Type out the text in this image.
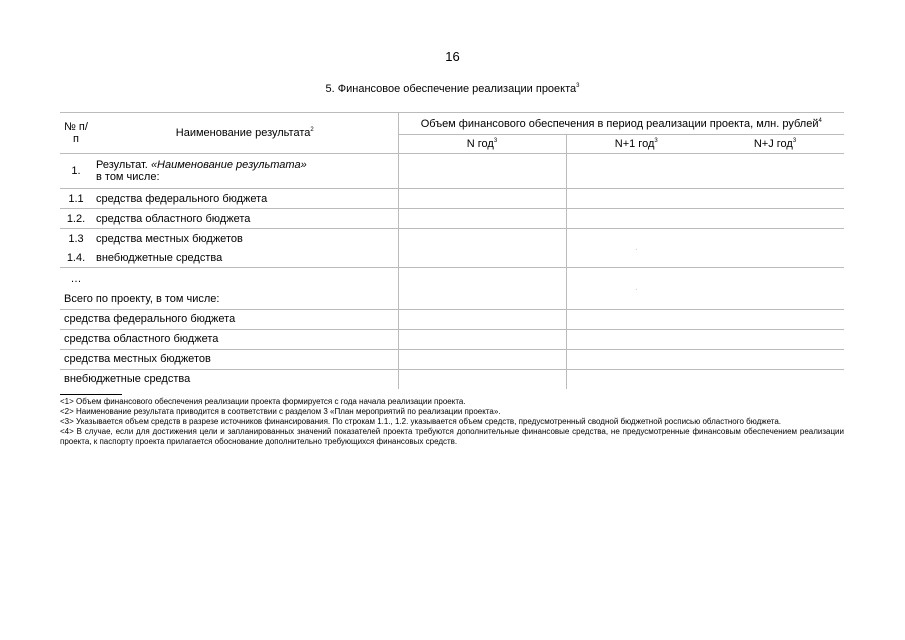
16
5. Финансовое обеспечение реализации проекта$^3$
№ п/п	Наименование результата$^2$	Объем финансового обеспечения в период реализации проекта, млн. рублей$^4$
		N год$^3$	N+1 год$^3$	N+J год$^3$
1.	Результат. «Наименование результата»
в том числе:			
1.1	средства федерального бюджета			
1.2.	средства областного бюджета			
1.3	средства местных бюджетов		·	
1.4.	внебюджетные средства			
…			·	
Всего по проекту, в том числе:				
средства федерального бюджета				
средства областного бюджета				
средства местных бюджетов				
внебюджетные средства				

<1> Объем финансового обеспечения реализации проекта формируется с года начала реализации проекта.

<2> Наименование результата приводится в соответствии с разделом 3 «План мероприятий по реализации проекта».

<3> Указывается объем средств в разрезе источников финансирования. По строкам 1.1., 1.2. указывается объем средств, предусмотренный сводной бюджетной росписью областного бюджета.

<4> В случае, если для достижения цели и запланированных значений показателей проекта требуются дополнительные финансовые средства, не предусмотренные финансовым обеспечением реализации проекта, к паспорту проекта прилагается обоснование дополнительно требующихся финансовых средств.
